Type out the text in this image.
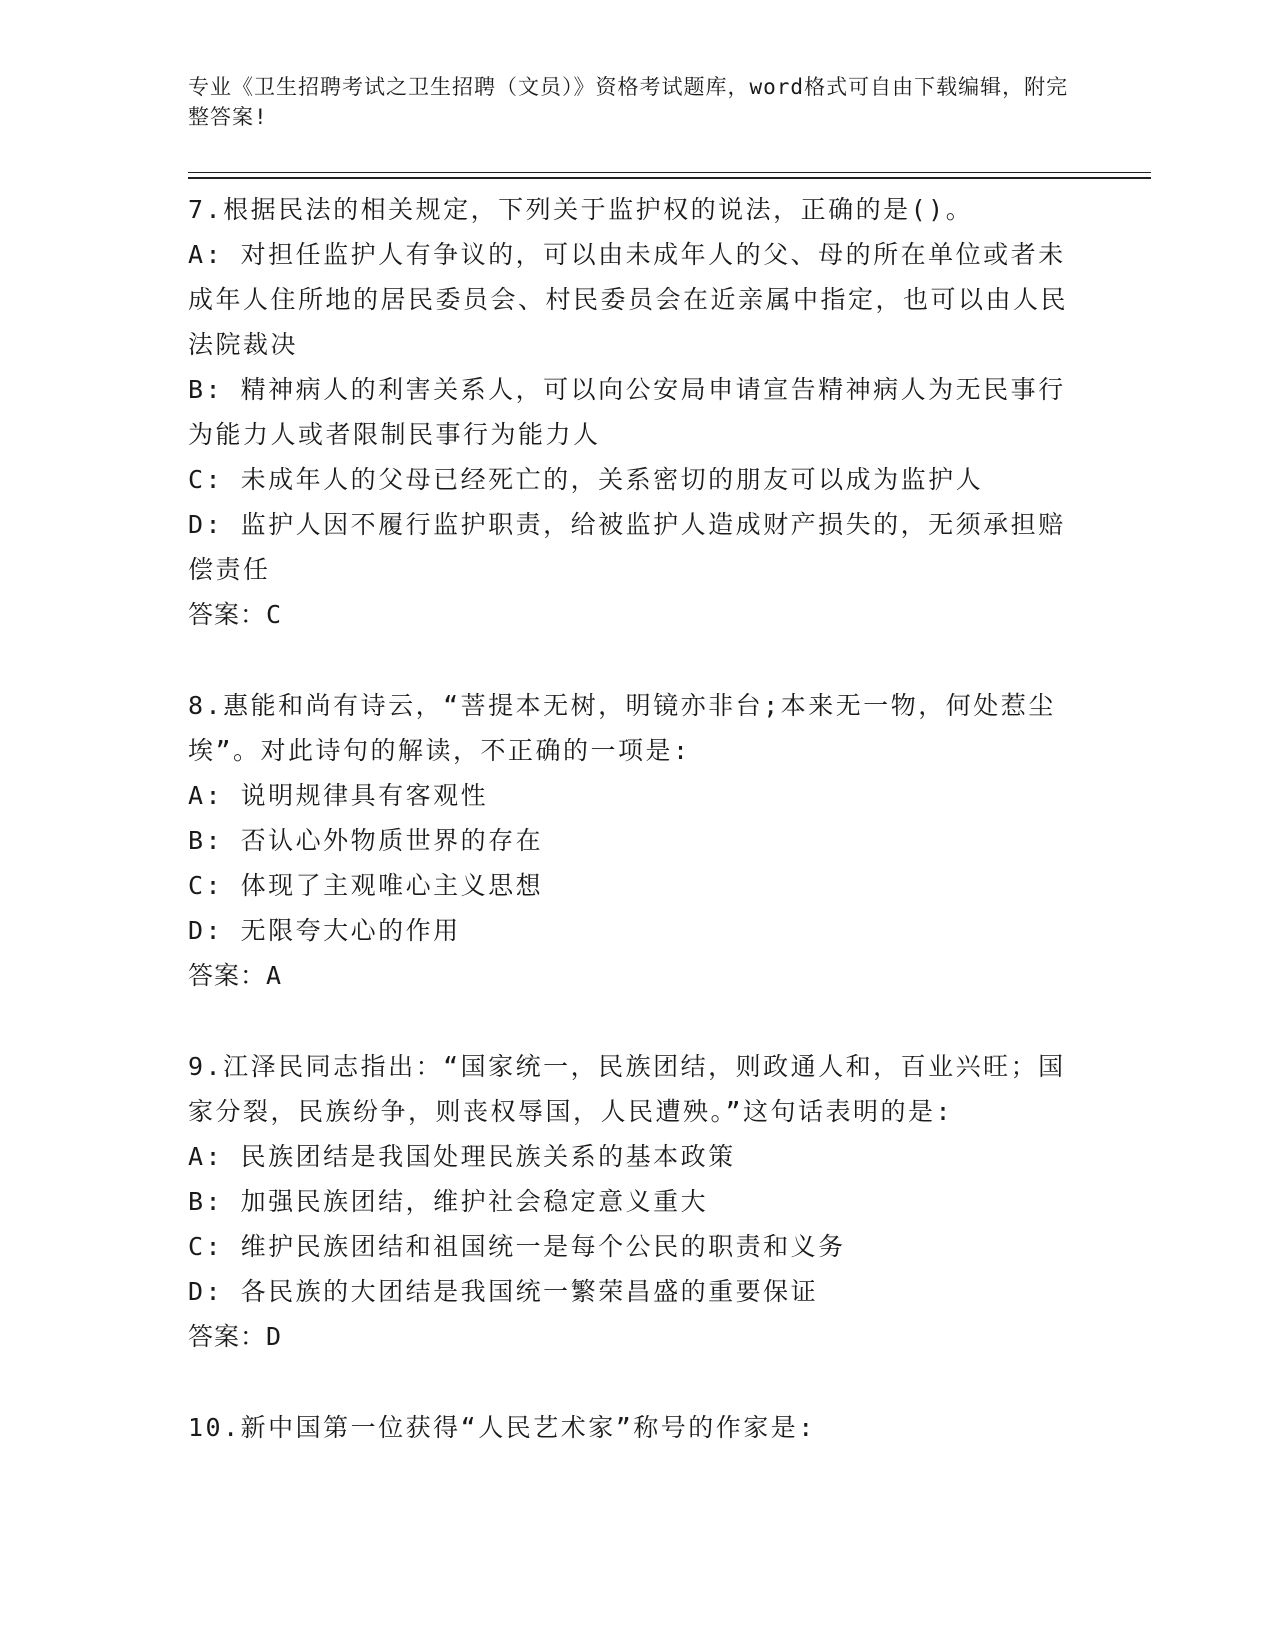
专业《卫生招聘考试之卫生招聘（文员）》资格考试题库，word格式可自由下载编辑，附完整答案!

7.根据民法的相关规定，下列关于监护权的说法，正确的是()。

A: 对担任监护人有争议的，可以由未成年人的父、母的所在单位或者未成年人住所地的居民委员会、村民委员会在近亲属中指定，也可以由人民法院裁决

B: 精神病人的利害关系人，可以向公安局申请宣告精神病人为无民事行为能力人或者限制民事行为能力人

C: 未成年人的父母已经死亡的，关系密切的朋友可以成为监护人

D: 监护人因不履行监护职责，给被监护人造成财产损失的，无须承担赔偿责任

答案：C

8.惠能和尚有诗云，“菩提本无树，明镜亦非台;本来无一物，何处惹尘埃”。对此诗句的解读，不正确的一项是:

A: 说明规律具有客观性

B: 否认心外物质世界的存在

C: 体现了主观唯心主义思想

D: 无限夸大心的作用

答案：A

9.江泽民同志指出：“国家统一，民族团结，则政通人和，百业兴旺；国家分裂，民族纷争，则丧权辱国，人民遭殃。”这句话表明的是:

A: 民族团结是我国处理民族关系的基本政策

B: 加强民族团结，维护社会稳定意义重大

C: 维护民族团结和祖国统一是每个公民的职责和义务

D: 各民族的大团结是我国统一繁荣昌盛的重要保证

答案：D

10.新中国第一位获得“人民艺术家”称号的作家是:
